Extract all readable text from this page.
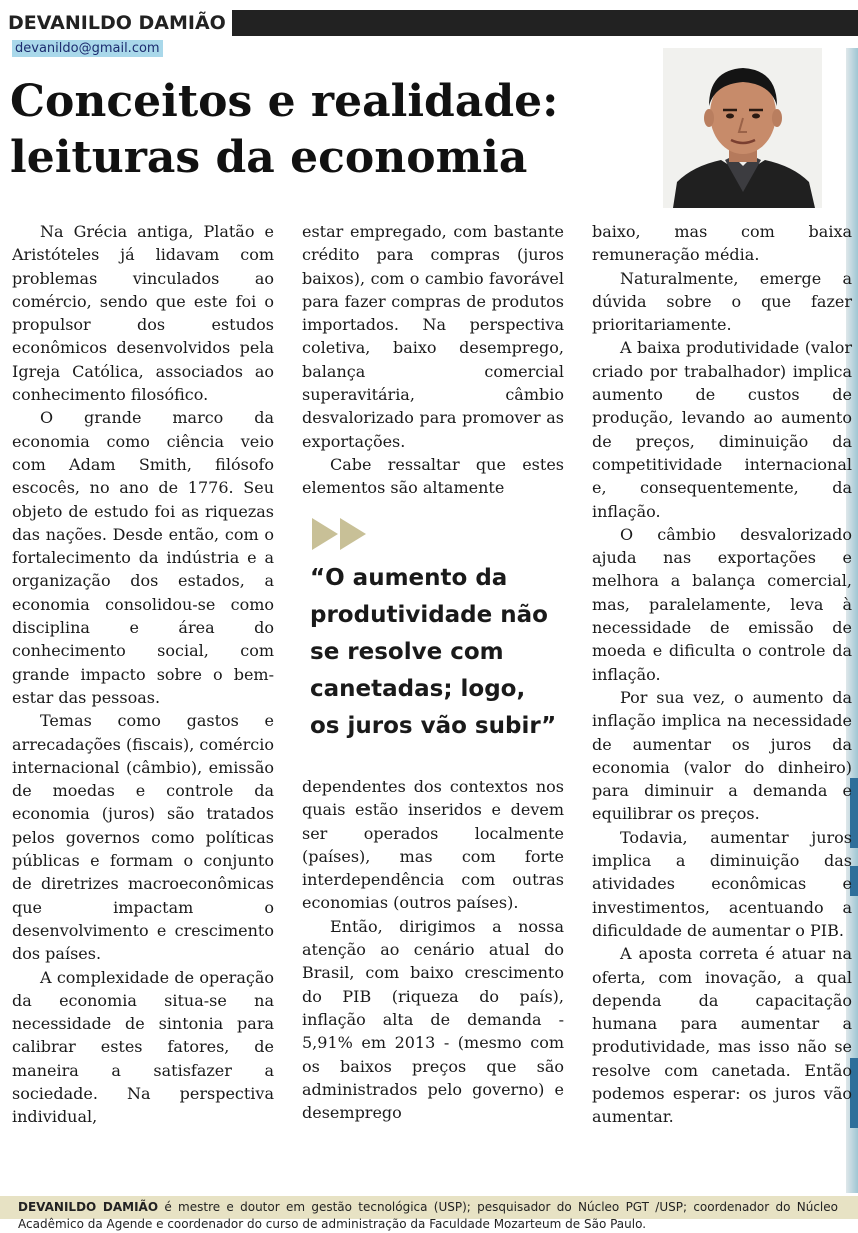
DEVANILDO DAMIÃO
devanildo@gmail.com
Conceitos e realidade:
leituras da economia

Na Grécia antiga, Platão e Aristóteles já lidavam com problemas vinculados ao comércio, sendo que este foi o propulsor dos estudos econômicos desenvolvidos pela Igreja Católica, associados ao conhecimento filosófico.

O grande marco da economia como ciência veio com Adam Smith, filósofo escocês, no ano de 1776. Seu objeto de estudo foi as riquezas das nações. Desde então, com o fortalecimento da indústria e a organização dos estados, a economia consolidou-se como disciplina e área do conhecimento social, com grande impacto sobre o bem-estar das pessoas.

Temas como gastos e arrecadações (fiscais), comércio internacional (câmbio), emissão de moedas e controle da economia (juros) são tratados pelos governos como políticas públicas e formam o conjunto de diretrizes macroeconômicas que impactam o desenvolvimento e crescimento dos países.

A complexidade de operação da economia situa-se na necessidade de sintonia para calibrar estes fatores, de maneira a satisfazer a sociedade. Na perspectiva individual,

estar empregado, com bastante crédito para compras (juros baixos), com o cambio favorável para fazer compras de produtos importados. Na perspectiva coletiva, baixo desemprego, balança comercial superavitária, câmbio desvalorizado para promover as exportações.

Cabe ressaltar que estes elementos são altamente

“O aumento da produtividade não se resolve com canetadas; logo, os juros vão subir”

dependentes dos contextos nos quais estão inseridos e devem ser operados localmente (países), mas com forte interdependência com outras economias (outros países).

Então, dirigimos a nossa atenção ao cenário atual do Brasil, com baixo crescimento do PIB (riqueza do país), inflação alta de demanda - 5,91% em 2013 - (mesmo com os baixos preços que são administrados pelo governo) e desemprego

baixo, mas com baixa remuneração média.

Naturalmente, emerge a dúvida sobre o que fazer prioritariamente.

A baixa produtividade (valor criado por trabalhador) implica aumento de custos de produção, levando ao aumento de preços, diminuição da competitividade internacional e, consequentemente, da inflação.

O câmbio desvalorizado ajuda nas exportações e melhora a balança comercial, mas, paralelamente, leva à necessidade de emissão de moeda e dificulta o controle da inflação.

Por sua vez, o aumento da inflação implica na necessidade de aumentar os juros da economia (valor do dinheiro) para diminuir a demanda e equilibrar os preços.

Todavia, aumentar juros implica a diminuição das atividades econômicas e investimentos, acentuando a dificuldade de aumentar o PIB.

A aposta correta é atuar na oferta, com inovação, a qual dependa da capacitação humana para aumentar a produtividade, mas isso não se resolve com canetada. Então podemos esperar: os juros vão aumentar.

DEVANILDO DAMIÃO é mestre e doutor em gestão tecnológica (USP); pesquisador do Núcleo PGT /USP; coordenador do Núcleo Acadêmico da Agende e coordenador do curso de administração da Faculdade Mozarteum de São Paulo.
